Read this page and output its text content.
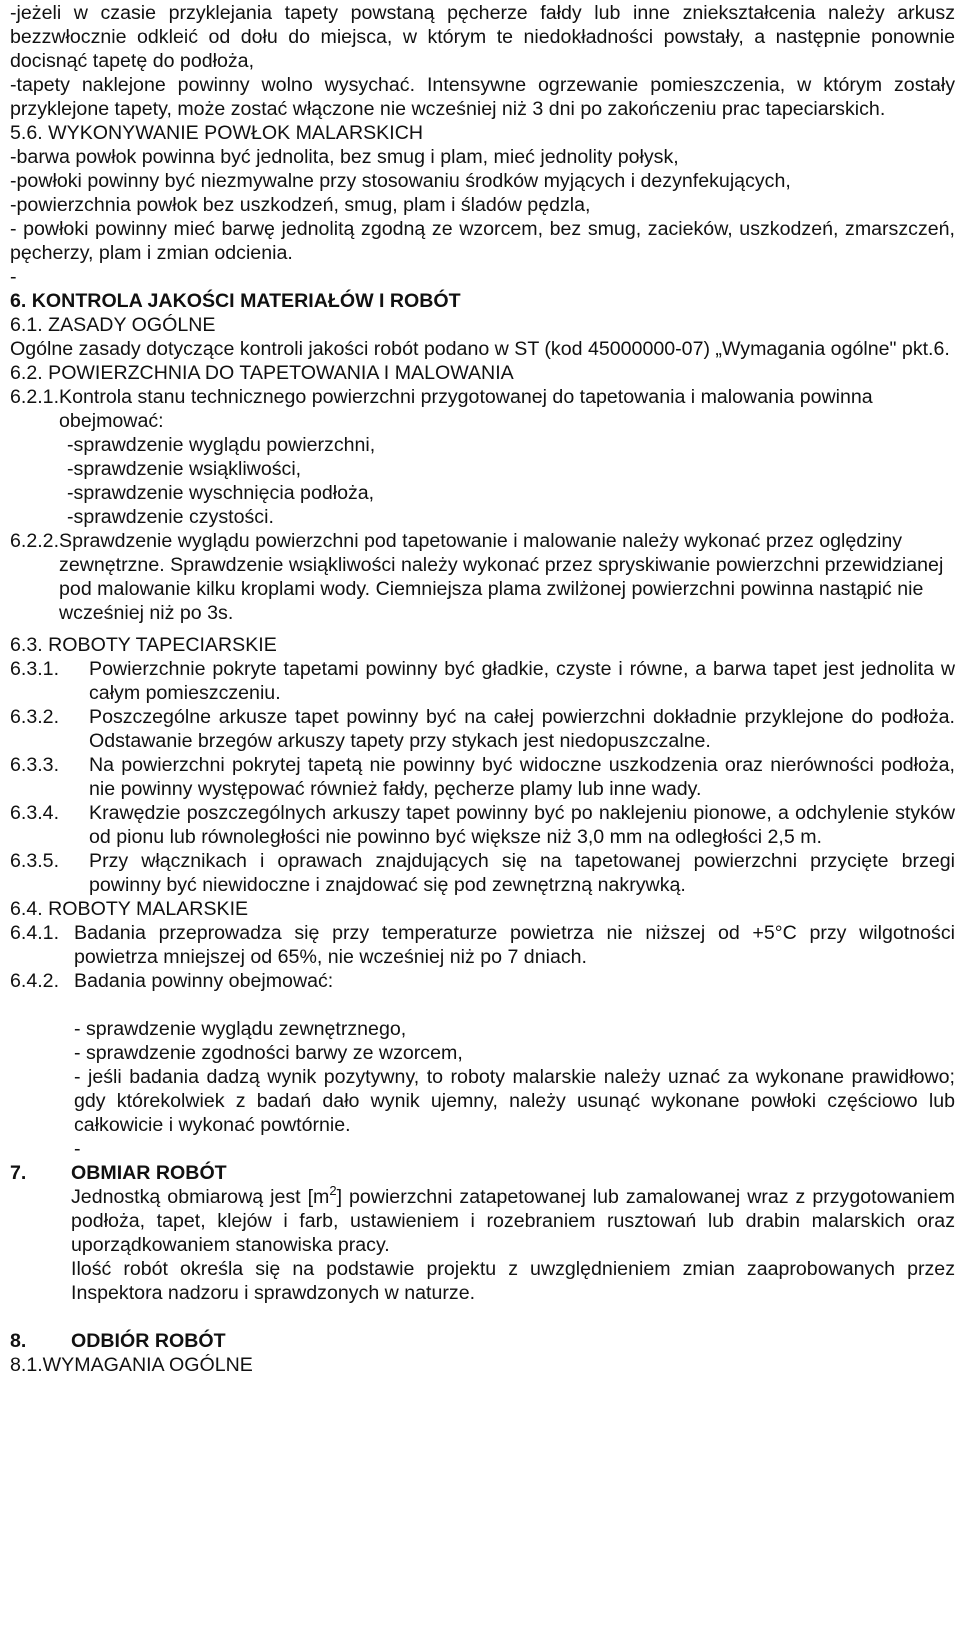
-jeżeli w czasie przyklejania tapety powstaną pęcherze fałdy lub inne zniekształcenia należy arkusz bezzwłocznie odkleić od dołu do miejsca, w którym te niedokładności powstały, a następnie ponownie docisnąć tapetę do podłoża,

-tapety naklejone powinny wolno wysychać. Intensywne ogrzewanie pomieszczenia, w którym zostały przyklejone tapety, może zostać włączone nie wcześniej niż 3 dni po zakończeniu prac tapeciarskich.

5.6. WYKONYWANIE POWŁOK MALARSKICH

-barwa powłok powinna być jednolita, bez smug i plam, mieć jednolity połysk,

-powłoki powinny być niezmywalne przy stosowaniu środków myjących i dezynfekujących,

-powierzchnia powłok bez uszkodzeń, smug, plam i śladów pędzla,

- powłoki powinny mieć barwę jednolitą zgodną ze wzorcem, bez smug, zacieków, uszkodzeń, zmarszczeń, pęcherzy, plam i zmian odcienia.

-

6. KONTROLA JAKOŚCI MATERIAŁÓW I ROBÓT

6.1. ZASADY OGÓLNE

Ogólne zasady dotyczące kontroli jakości robót podano w ST (kod 45000000-07) „Wymagania ogólne" pkt.6.

6.2. POWIERZCHNIA DO TAPETOWANIA I MALOWANIA

6.2.1. Kontrola stanu technicznego powierzchni przygotowanej do tapetowania i malowania powinna obejmować:

-sprawdzenie wyglądu powierzchni,

-sprawdzenie wsiąkliwości,

-sprawdzenie wyschnięcia podłoża,

-sprawdzenie czystości.

6.2.2. Sprawdzenie wyglądu powierzchni pod tapetowanie i malowanie należy wykonać przez oględziny zewnętrzne. Sprawdzenie wsiąkliwości należy wykonać przez spryskiwanie powierzchni przewidzianej pod malowanie kilku kroplami wody. Ciemniejsza plama zwilżonej powierzchni powinna nastąpić nie wcześniej niż po 3s.

6.3. ROBOTY TAPECIARSKIE

6.3.1.	Powierzchnie pokryte tapetami powinny być gładkie, czyste i równe, a barwa tapet jest jednolita w całym pomieszczeniu.
6.3.2.	Poszczególne arkusze tapet powinny być na całej powierzchni dokładnie przyklejone do podłoża. Odstawanie brzegów arkuszy tapety przy stykach jest niedopuszczalne.
6.3.3.	Na powierzchni pokrytej tapetą nie powinny być widoczne uszkodzenia oraz nierówności podłoża, nie powinny występować również fałdy, pęcherze plamy lub inne wady.
6.3.4.	Krawędzie poszczególnych arkuszy tapet powinny być po naklejeniu pionowe, a odchylenie styków od pionu lub równoległości nie powinno być większe niż 3,0 mm na odległości 2,5 m.
6.3.5.	Przy włącznikach i oprawach znajdujących się na tapetowanej powierzchni przycięte brzegi powinny być niewidoczne i znajdować się pod zewnętrzną nakrywką.

6.4. ROBOTY MALARSKIE

6.4.1. Badania przeprowadza się przy temperaturze powietrza nie niższej od +5°C przy wilgotności powietrza mniejszej od 65%, nie wcześniej niż po 7 dniach.
6.4.2. Badania powinny obejmować:

- sprawdzenie wyglądu zewnętrznego,

- sprawdzenie zgodności barwy ze wzorcem,

- jeśli badania dadzą wynik pozytywny, to roboty malarskie należy uznać za wykonane prawidłowo; gdy którekolwiek z badań dało wynik ujemny, należy usunąć wykonane powłoki częściowo lub całkowicie i wykonać powtórnie.

-

7.	OBMIAR ROBÓT

Jednostką obmiarową jest $[m^2]$ powierzchni zatapetowanej lub zamalowanej wraz z przygotowaniem podłoża, tapet, klejów i farb, ustawieniem i rozebraniem rusztowań lub drabin malarskich oraz uporządkowaniem stanowiska pracy.

Ilość robót określa się na podstawie projektu z uwzględnieniem zmian zaaprobowanych przez Inspektora nadzoru i sprawdzonych w naturze.

8.	ODBIÓR ROBÓT

8.1.WYMAGANIA OGÓLNE
